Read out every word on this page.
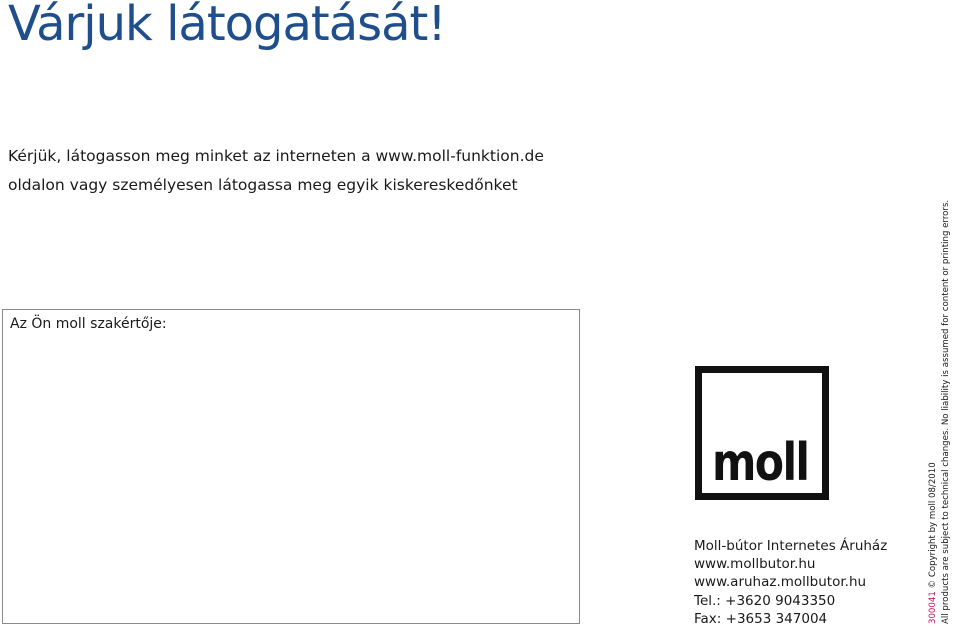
Várjuk látogatását!
Kérjük, látogasson meg minket az interneten a www.moll-funktion.de
oldalon vagy személyesen látogassa meg egyik kiskereskedőnket
Az Ön moll szakértője:
moll
Moll-bútor Internetes Áruház
www.mollbutor.hu
www.aruhaz.mollbutor.hu
Tel.: +3620 9043350
Fax: +3653 347004	300041 © Copyright by moll 08/2010 All products are subject to technical changes. No liability is assumed for content or printing errors.
